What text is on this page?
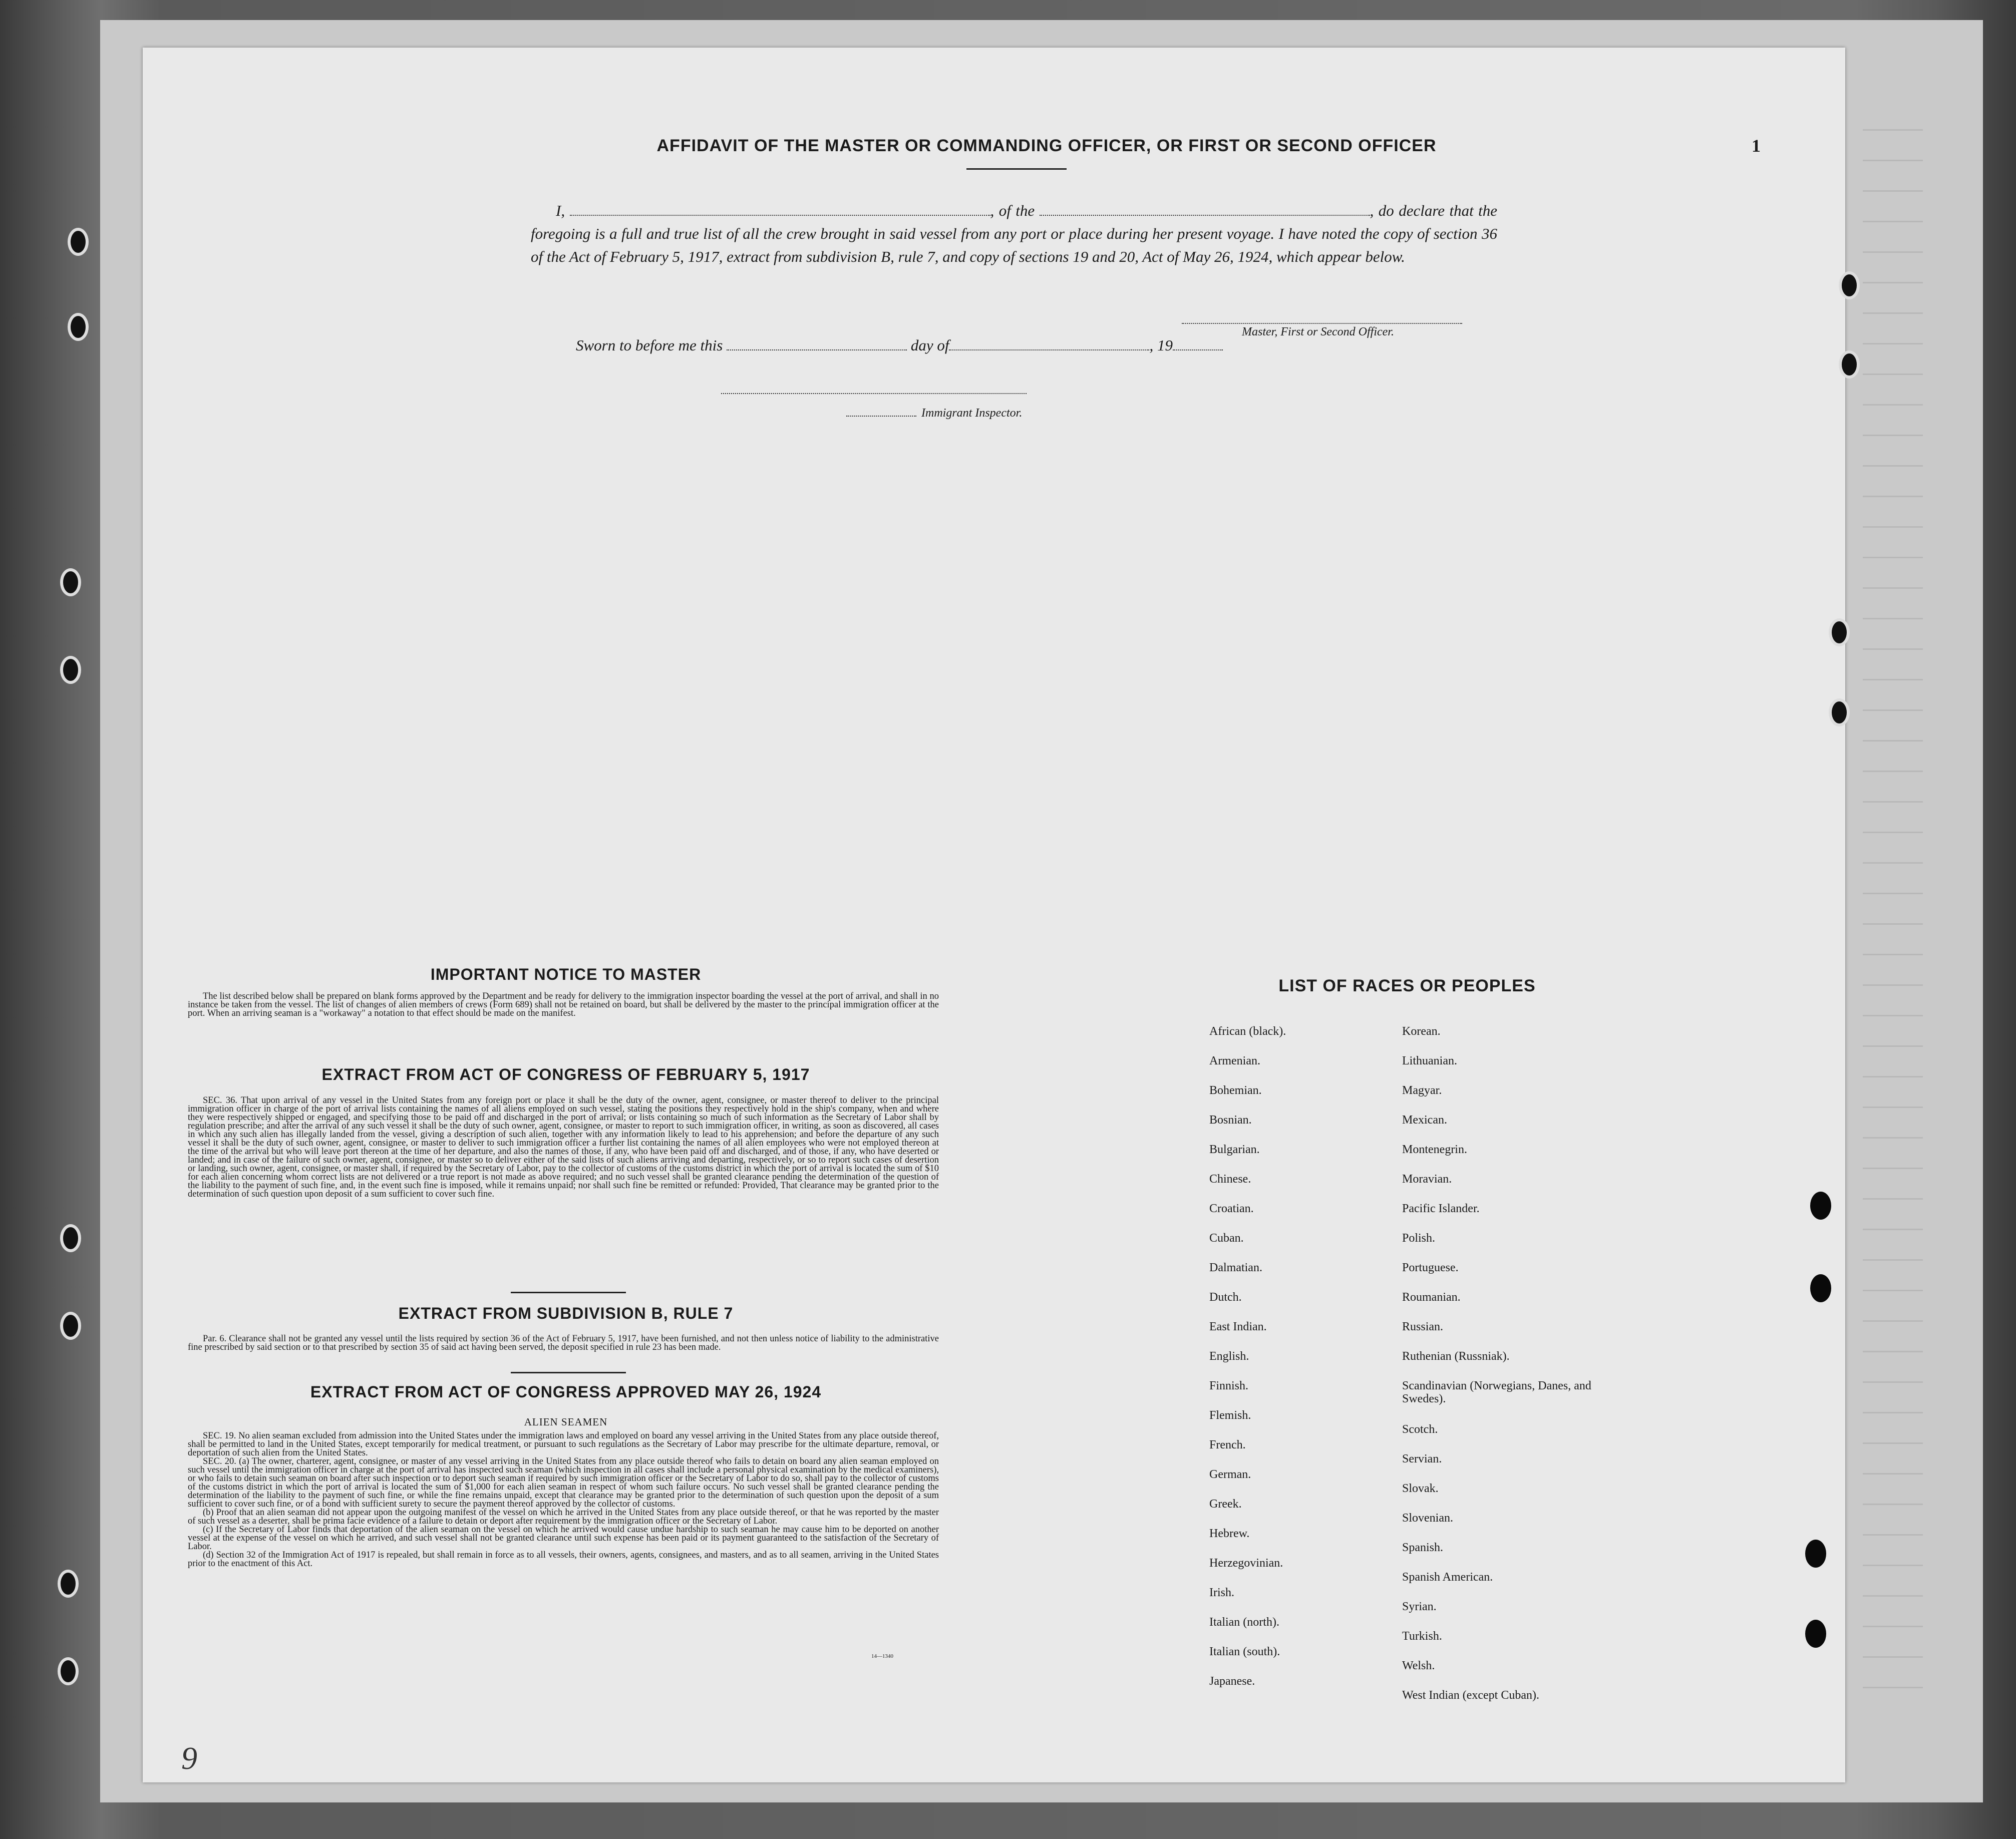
1
AFFIDAVIT OF THE MASTER OR COMMANDING OFFICER, OR FIRST OR SECOND OFFICER
I,	, of the	, do declare that the foregoing is a full and true list of all the crew brought in said vessel from any port or place during her present voyage. I have noted the copy of section 36 of the Act of February 5, 1917, extract from subdivision B, rule 7, and copy of sections 19 and 20, Act of May 26, 1924, which appear below.
Master, First or Second Officer.
Sworn to before me this	day of	, 19
Immigrant Inspector.
IMPORTANT NOTICE TO MASTER

The list described below shall be prepared on blank forms approved by the Department and be ready for delivery to the immigration inspector boarding the vessel at the port of arrival, and shall in no instance be taken from the vessel. The list of changes of alien members of crews (Form 689) shall not be retained on board, but shall be delivered by the master to the principal immigration officer at the port. When an arriving seaman is a "workaway" a notation to that effect should be made on the manifest.

EXTRACT FROM ACT OF CONGRESS OF FEBRUARY 5, 1917

SEC. 36. That upon arrival of any vessel in the United States from any foreign port or place it shall be the duty of the owner, agent, consignee, or master thereof to deliver to the principal immigration officer in charge of the port of arrival lists containing the names of all aliens employed on such vessel, stating the positions they respectively hold in the ship's company, when and where they were respectively shipped or engaged, and specifying those to be paid off and discharged in the port of arrival; or lists containing so much of such information as the Secretary of Labor shall by regulation prescribe; and after the arrival of any such vessel it shall be the duty of such owner, agent, consignee, or master to report to such immigration officer, in writing, as soon as discovered, all cases in which any such alien has illegally landed from the vessel, giving a description of such alien, together with any information likely to lead to his apprehension; and before the departure of any such vessel it shall be the duty of such owner, agent, consignee, or master to deliver to such immigration officer a further list containing the names of all alien employees who were not employed thereon at the time of the arrival but who will leave port thereon at the time of her departure, and also the names of those, if any, who have been paid off and discharged, and of those, if any, who have deserted or landed; and in case of the failure of such owner, agent, consignee, or master so to deliver either of the said lists of such aliens arriving and departing, respectively, or so to report such cases of desertion or landing, such owner, agent, consignee, or master shall, if required by the Secretary of Labor, pay to the collector of customs of the customs district in which the port of arrival is located the sum of $10 for each alien concerning whom correct lists are not delivered or a true report is not made as above required; and no such vessel shall be granted clearance pending the determination of the question of the liability to the payment of such fine, and, in the event such fine is imposed, while it remains unpaid; nor shall such fine be remitted or refunded: Provided, That clearance may be granted prior to the determination of such question upon deposit of a sum sufficient to cover such fine.

EXTRACT FROM SUBDIVISION B, RULE 7

Par. 6. Clearance shall not be granted any vessel until the lists required by section 36 of the Act of February 5, 1917, have been furnished, and not then unless notice of liability to the administrative fine prescribed by said section or to that prescribed by section 35 of said act having been served, the deposit specified in rule 23 has been made.

EXTRACT FROM ACT OF CONGRESS APPROVED MAY 26, 1924
ALIEN SEAMEN

SEC. 19. No alien seaman excluded from admission into the United States under the immigration laws and employed on board any vessel arriving in the United States from any place outside thereof, shall be permitted to land in the United States, except temporarily for medical treatment, or pursuant to such regulations as the Secretary of Labor may prescribe for the ultimate departure, removal, or deportation of such alien from the United States.

SEC. 20. (a) The owner, charterer, agent, consignee, or master of any vessel arriving in the United States from any place outside thereof who fails to detain on board any alien seaman employed on such vessel until the immigration officer in charge at the port of arrival has inspected such seaman (which inspection in all cases shall include a personal physical examination by the medical examiners), or who fails to detain such seaman on board after such inspection or to deport such seaman if required by such immigration officer or the Secretary of Labor to do so, shall pay to the collector of customs of the customs district in which the port of arrival is located the sum of $1,000 for each alien seaman in respect of whom such failure occurs. No such vessel shall be granted clearance pending the determination of the liability to the payment of such fine, or while the fine remains unpaid, except that clearance may be granted prior to the determination of such question upon the deposit of a sum sufficient to cover such fine, or of a bond with sufficient surety to secure the payment thereof approved by the collector of customs.

(b) Proof that an alien seaman did not appear upon the outgoing manifest of the vessel on which he arrived in the United States from any place outside thereof, or that he was reported by the master of such vessel as a deserter, shall be prima facie evidence of a failure to detain or deport after requirement by the immigration officer or the Secretary of Labor.

(c) If the Secretary of Labor finds that deportation of the alien seaman on the vessel on which he arrived would cause undue hardship to such seaman he may cause him to be deported on another vessel at the expense of the vessel on which he arrived, and such vessel shall not be granted clearance until such expense has been paid or its payment guaranteed to the satisfaction of the Secretary of Labor.

(d) Section 32 of the Immigration Act of 1917 is repealed, but shall remain in force as to all vessels, their owners, agents, consignees, and masters, and as to all seamen, arriving in the United States prior to the enactment of this Act.

14—1340
LIST OF RACES OR PEOPLES
African (black).
Armenian.
Bohemian.
Bosnian.
Bulgarian.
Chinese.
Croatian.
Cuban.
Dalmatian.
Dutch.
East Indian.
English.
Finnish.
Flemish.
French.
German.
Greek.
Hebrew.
Herzegovinian.
Irish.
Italian (north).
Italian (south).
Japanese.
Korean.
Lithuanian.
Magyar.
Mexican.
Montenegrin.
Moravian.
Pacific Islander.
Polish.
Portuguese.
Roumanian.
Russian.
Ruthenian (Russniak).
Scandinavian (Norwegians, Danes, and Swedes).
Scotch.
Servian.
Slovak.
Slovenian.
Spanish.
Spanish American.
Syrian.
Turkish.
Welsh.
West Indian (except Cuban).
9
